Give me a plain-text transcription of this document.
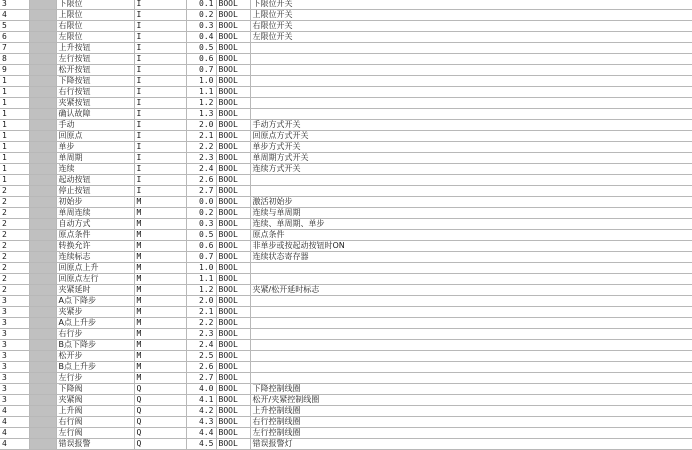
3		下限位	I	0.1	BOOL	下限位开关
4		上限位	I	0.2	BOOL	上限位开关
5		右限位	I	0.3	BOOL	右限位开关
6		左限位	I	0.4	BOOL	左限位开关
7		上升按钮	I	0.5	BOOL	
8		左行按钮	I	0.6	BOOL	
9		松开按钮	I	0.7	BOOL	
1		下降按钮	I	1.0	BOOL	
1		右行按钮	I	1.1	BOOL	
1		夹紧按钮	I	1.2	BOOL	
1		确认故障	I	1.3	BOOL	
1		手动	I	2.0	BOOL	手动方式开关
1		回原点	I	2.1	BOOL	回原点方式开关
1		单步	I	2.2	BOOL	单步方式开关
1		单周期	I	2.3	BOOL	单周期方式开关
1		连续	I	2.4	BOOL	连续方式开关
1		起动按钮	I	2.6	BOOL	
2		停止按钮	I	2.7	BOOL	
2		初始步	M	0.0	BOOL	激活初始步
2		单周连续	M	0.2	BOOL	连续与单周期
2		自动方式	M	0.3	BOOL	连续、单周期、单步
2		原点条件	M	0.5	BOOL	原点条件
2		转换允许	M	0.6	BOOL	非单步或按起动按钮时ON
2		连续标志	M	0.7	BOOL	连续状态寄存器
2		回原点上升	M	1.0	BOOL	
2		回原点左行	M	1.1	BOOL	
2		夹紧延时	M	1.2	BOOL	夹紧/松开延时标志
3		A点下降步	M	2.0	BOOL	
3		夹紧步	M	2.1	BOOL	
3		A点上升步	M	2.2	BOOL	
3		右行步	M	2.3	BOOL	
3		B点下降步	M	2.4	BOOL	
3		松开步	M	2.5	BOOL	
3		B点上升步	M	2.6	BOOL	
3		左行步	M	2.7	BOOL	
3		下降阀	Q	4.0	BOOL	下降控制线圈
3		夹紧阀	Q	4.1	BOOL	松开/夹紧控制线圈
4		上升阀	Q	4.2	BOOL	上升控制线圈
4		右行阀	Q	4.3	BOOL	右行控制线圈
4		左行阀	Q	4.4	BOOL	左行控制线圈
4		错误报警	Q	4.5	BOOL	错误报警灯
